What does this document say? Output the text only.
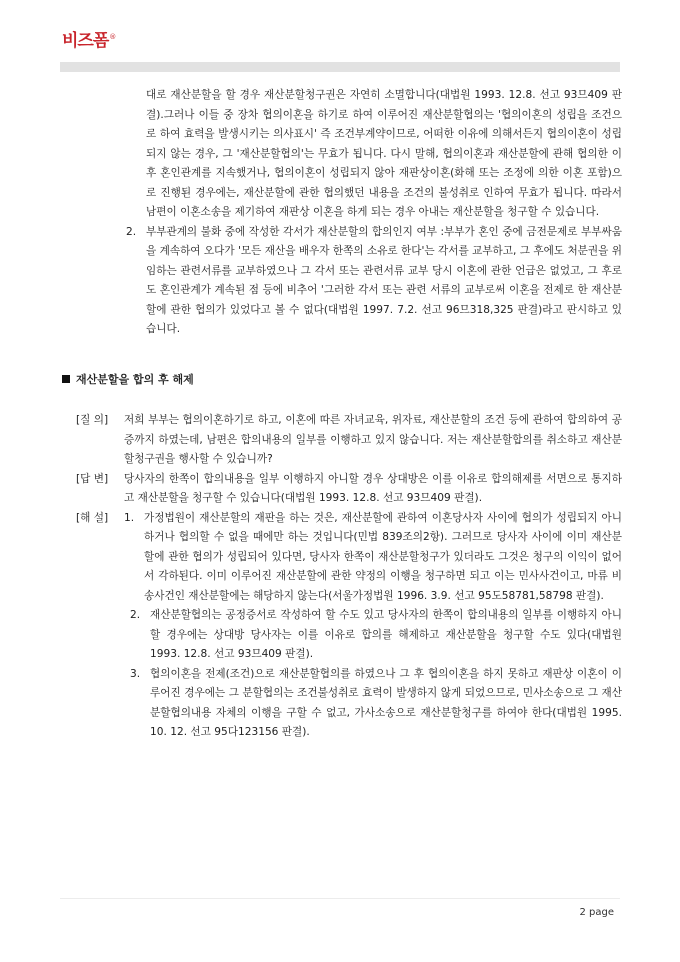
비즈폼 ®
대로 재산분할을 할 경우 재산분할청구권은 자연히 소멸합니다(대법원 1993. 12.8. 선고 93므409 판결).그러나 이들 중 장차 협의이혼을 하기로 하여 이루어진 재산분할협의는 '협의이혼의 성립을 조건으로 하여 효력을 발생시키는 의사표시' 즉 조건부계약이므로, 어떠한 이유에 의해서든지 협의이혼이 성립되지 않는 경우, 그 '재산분할협의'는 무효가 됩니다. 다시 말해, 협의이혼과 재산분할에 관해 협의한 이후 혼인관계를 지속했거나, 협의이혼이 성립되지 않아 재판상이혼(화해 또는 조정에 의한 이혼 포함)으로 진행된 경우에는, 재산분할에 관한 협의했던 내용을 조건의 불성취로 인하여 무효가 됩니다. 따라서 남편이 이혼소송을 제기하여 재판상 이혼을 하게 되는 경우 아내는 재산분할을 청구할 수 있습니다.
2. 부부관계의 불화 중에 작성한 각서가 재산분할의 합의인지 여부 :부부가 혼인 중에 금전문제로 부부싸움을 계속하여 오다가 '모든 재산을 배우자 한쪽의 소유로 한다'는 각서를 교부하고, 그 후에도 처분권을 위임하는 관련서류를 교부하였으나 그 각서 또는 관련서류 교부 당시 이혼에 관한 언급은 없었고, 그 후로도 혼인관계가 계속된 점 등에 비추어 '그러한 각서 또는 관련 서류의 교부로써 이혼을 전제로 한 재산분할에 관한 협의가 있었다고 볼 수 없다(대법원 1997. 7.2. 선고 96므318,325 판결)라고 판시하고 있습니다.
재산분할을 합의 후 해제
[질 의]	저희 부부는 협의이혼하기로 하고, 이혼에 따른 자녀교육, 위자료, 재산분할의 조건 등에 관하여 합의하여 공증까지 하였는데, 남편은 합의내용의 일부를 이행하고 있지 않습니다. 저는 재산분할합의를 취소하고 재산분할청구권을 행사할 수 있습니까?
[답 변]	당사자의 한쪽이 합의내용을 일부 이행하지 아니할 경우 상대방은 이를 이유로 합의해제를 서면으로 통지하고 재산분할을 청구할 수 있습니다(대법원 1993. 12.8. 선고 93므409 판결).
[해 설]	1. 가정법원이 재산분할의 재판을 하는 것은, 재산분할에 관하여 이혼당사자 사이에 협의가 성립되지 아니하거나 협의할 수 없을 때에만 하는 것입니다(민법 839조의2항). 그러므로 당사자 사이에 이미 재산분할에 관한 협의가 성립되어 있다면, 당사자 한쪽이 재산분할청구가 있더라도 그것은 청구의 이익이 없어서 각하된다. 이미 이루어진 재산분할에 관한 약정의 이행을 청구하면 되고 이는 민사사건이고, 마류 비송사건인 재산분할에는 해당하지 않는다(서울가정법원 1996. 3.9. 선고 95도58781,58798 판결).
2. 재산분할협의는 공정증서로 작성하여 할 수도 있고 당사자의 한쪽이 합의내용의 일부를 이행하지 아니할 경우에는 상대방 당사자는 이를 이유로 합의를 해제하고 재산분할을 청구할 수도 있다(대법원 1993. 12.8. 선고 93므409 판결).
3. 협의이혼을 전제(조건)으로 재산분할협의를 하였으나 그 후 협의이혼을 하지 못하고 재판상 이혼이 이루어진 경우에는 그 분할협의는 조건불성취로 효력이 발생하지 않게 되었으므로, 민사소송으로 그 재산분할협의내용 자체의 이행을 구할 수 없고, 가사소송으로 재산분할청구를 하여야 한다(대법원 1995. 10. 12. 선고 95다123156 판결).
2 page
